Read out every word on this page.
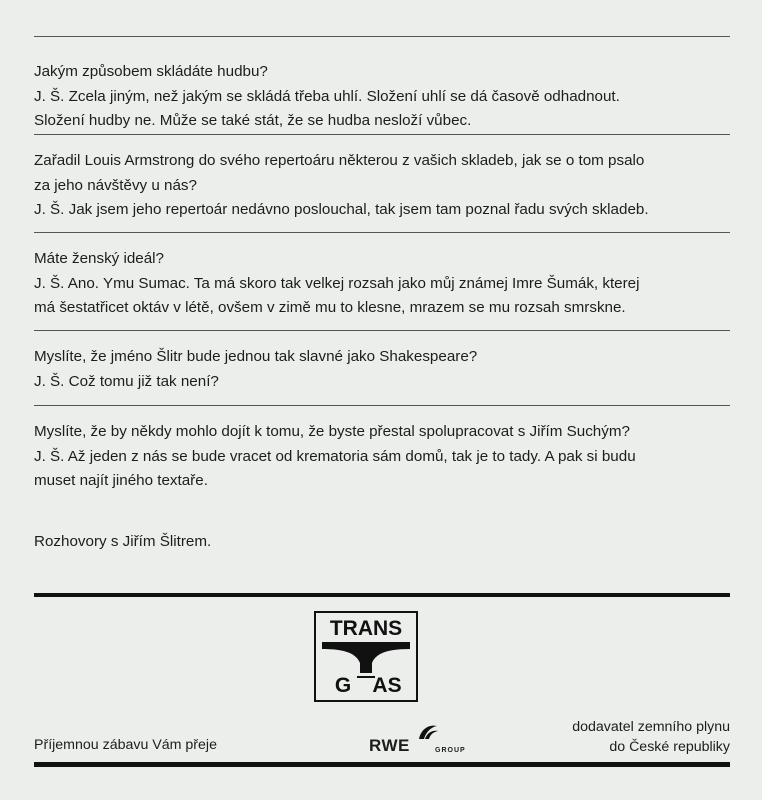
Jakým způsobem skládáte hudbu?

J. Š. Zcela jiným, než jakým se skládá třeba uhlí. Složení uhlí se dá časově odhadnout.

Složení hudby ne. Může se také stát, že se hudba nesloží vůbec.

Zařadil Louis Armstrong do svého repertoáru některou z vašich skladeb, jak se o tom psalo

za jeho návštěvy u nás?

J. Š. Jak jsem jeho repertoár nedávno poslouchal, tak jsem tam poznal řadu svých skladeb.

Máte ženský ideál?

J. Š. Ano. Ymu Sumac. Ta má skoro tak velkej rozsah jako můj známej Imre Šumák, kterej

má šestatřicet oktáv v létě, ovšem v zimě mu to klesne, mrazem se mu rozsah smrskne.

Myslíte, že jméno Šlitr bude jednou tak slavné jako Shakespeare?

J. Š. Což tomu již tak není?

Myslíte, že by někdy mohlo dojít k tomu, že byste přestal spolupracovat s Jiřím Suchým?

J. Š. Až jeden z nás se bude vracet od krematoria sám domů, tak je to tady. A pak si budu

muset najít jiného textaře.

Rozhovory s Jiřím Šlitrem.
TRANS
G AS
Příjemnou zábavu Vám přeje	RWE	GROUP
dodavatel zemního plynu
do České republiky
